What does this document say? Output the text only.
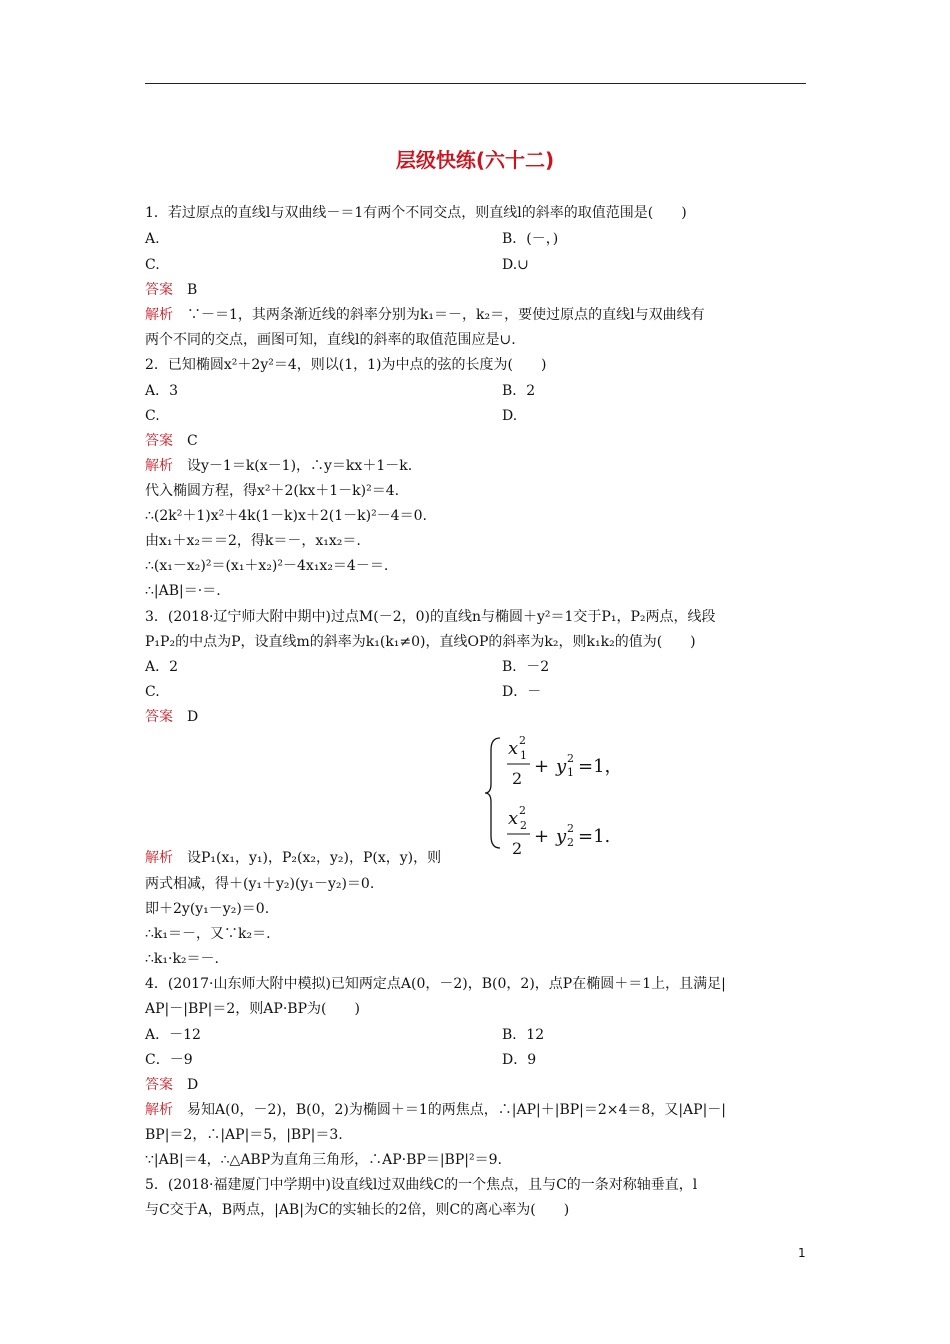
层级快练(六十二)
1．若过原点的直线l与双曲线－＝1有两个不同交点，则直线l的斜率的取值范围是(　　)
A.	B．(－，)
C.	D.∪
答案　 B
解析　 ∵－＝1，其两条渐近线的斜率分别为k₁＝－，k₂＝，要使过原点的直线l与双曲线有
两个不同的交点，画图可知，直线l的斜率的取值范围应是∪.
2．已知椭圆x²＋2y²＝4，则以(1，1)为中点的弦的长度为(　　)
A．3	B．2
C.	D.
答案　 C
解析　 设y－1＝k(x－1)，∴y＝kx＋1－k.
代入椭圆方程，得x²＋2(kx＋1－k)²＝4.
∴(2k²＋1)x²＋4k(1－k)x＋2(1－k)²－4＝0.
由x₁＋x₂＝＝2，得k＝－，x₁x₂＝.
∴(x₁－x₂)²＝(x₁＋x₂)²－4x₁x₂＝4－＝.
∴|AB|＝·＝.
3．(2018·辽宁师大附中期中)过点M(－2，0)的直线n与椭圆＋y²＝1交于P₁，P₂两点，线段
P₁P₂的中点为P，设直线m的斜率为k₁(k₁≠0)，直线OP的斜率为k₂，则k₁k₂的值为(　　)
A．2	B．－2
C.	D．－
答案　 D
x 2
1
2
+ y 2
1 =1，
x 2
2
2
+ y 2
2 =1.
解析　 设P₁(x₁，y₁)，P₂(x₂，y₂)，P(x，y)，则
两式相减，得＋(y₁＋y₂)(y₁－y₂)＝0.
即＋2y(y₁－y₂)＝0.
∴k₁＝－，又∵k₂＝.
∴k₁·k₂＝－.
4．(2017·山东师大附中模拟)已知两定点A(0，－2)，B(0，2)，点P在椭圆＋＝1上，且满足|
AP|－|BP|＝2，则AP·BP为(　　)
A．－12	B．12
C．－9	D．9
答案　 D
解析　 易知A(0，－2)，B(0，2)为椭圆＋＝1的两焦点，∴|AP|＋|BP|＝2×4＝8，又|AP|－|
BP|＝2，∴|AP|＝5，|BP|＝3.
∵|AB|＝4，∴△ABP为直角三角形，∴AP·BP＝|BP|²＝9.
5．(2018·福建厦门中学期中)设直线l过双曲线C的一个焦点，且与C的一条对称轴垂直，l
与C交于A，B两点，|AB|为C的实轴长的2倍，则C的离心率为(　　)
1
